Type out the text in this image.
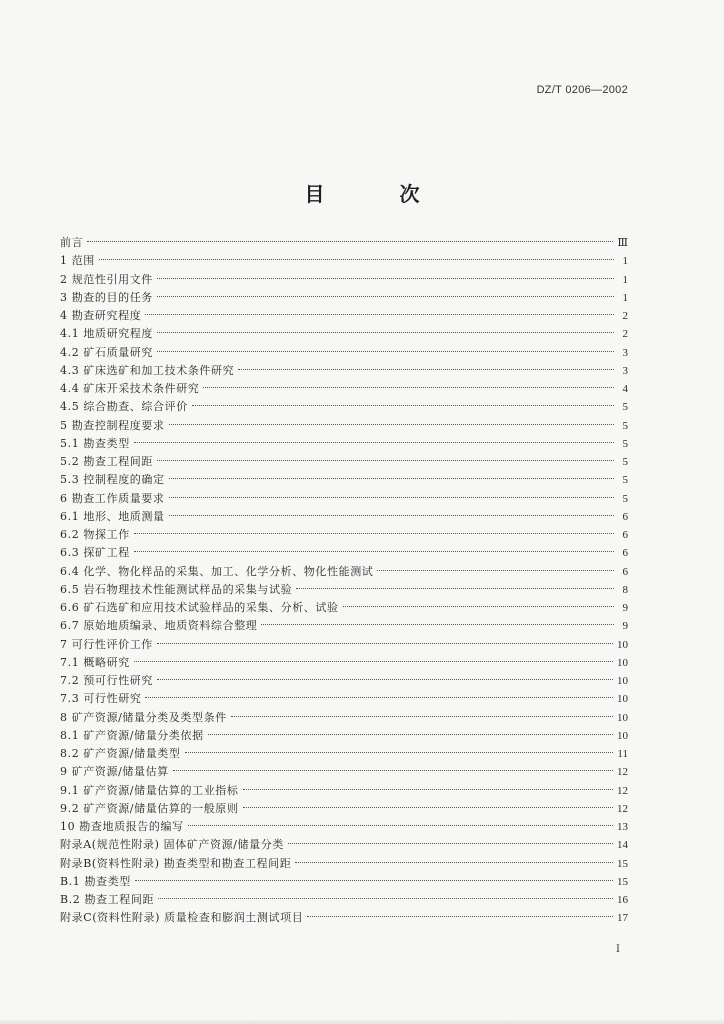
DZ/T 0206—2002
目 次
前言	Ⅲ
1 范围	1
2 规范性引用文件	1
3 勘查的目的任务	1
4 勘查研究程度	2
4.1 地质研究程度	2
4.2 矿石质量研究	3
4.3 矿床选矿和加工技术条件研究	3
4.4 矿床开采技术条件研究	4
4.5 综合勘查、综合评价	5
5 勘查控制程度要求	5
5.1 勘查类型	5
5.2 勘查工程间距	5
5.3 控制程度的确定	5
6 勘查工作质量要求	5
6.1 地形、地质测量	6
6.2 物探工作	6
6.3 探矿工程	6
6.4 化学、物化样品的采集、加工、化学分析、物化性能测试	6
6.5 岩石物理技术性能测试样品的采集与试验	8
6.6 矿石选矿和应用技术试验样品的采集、分析、试验	9
6.7 原始地质编录、地质资料综合整理	9
7 可行性评价工作	10
7.1 概略研究	10
7.2 预可行性研究	10
7.3 可行性研究	10
8 矿产资源/储量分类及类型条件	10
8.1 矿产资源/储量分类依据	10
8.2 矿产资源/储量类型	11
9 矿产资源/储量估算	12
9.1 矿产资源/储量估算的工业指标	12
9.2 矿产资源/储量估算的一般原则	12
10 勘查地质报告的编写	13
附录A(规范性附录) 固体矿产资源/储量分类	14
附录B(资料性附录) 勘查类型和勘查工程间距	15
B.1 勘查类型	15
B.2 勘查工程间距	16
附录C(资料性附录) 质量检查和膨润土测试项目	17
I
